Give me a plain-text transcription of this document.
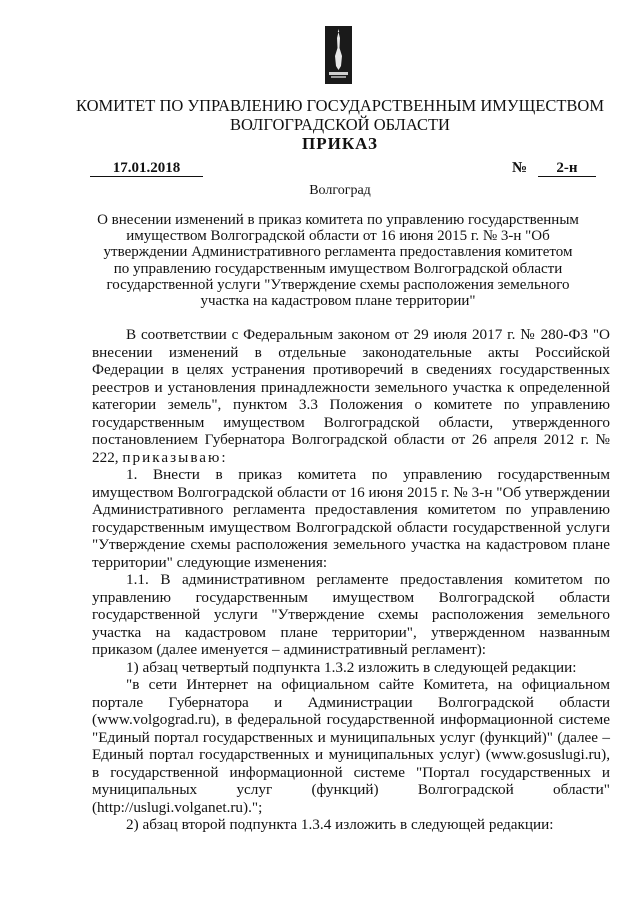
КОМИТЕТ ПО УПРАВЛЕНИЮ ГОСУДАРСТВЕННЫМ ИМУЩЕСТВОМ
ВОЛГОГРАДСКОЙ ОБЛАСТИ
ПРИКАЗ
17.01.2018	№	2-н
Волгоград
О внесении изменений в приказ комитета по управлению государственным имуществом Волгоградской области от 16 июня 2015 г. № 3-н "Об утверждении Административного регламента предоставления комитетом по управлению государственным имуществом Волгоградской области государственной услуги "Утверждение схемы расположения земельного участка на кадастровом плане территории"

В соответствии с Федеральным законом от 29 июля 2017 г. № 280-ФЗ "О внесении изменений в отдельные законодательные акты Российской Федерации в целях устранения противоречий в сведениях государственных реестров и установления принадлежности земельного участка к определенной категории земель", пунктом 3.3 Положения о комитете по управлению государственным имуществом Волгоградской области, утвержденного постановлением Губернатора Волгоградской области от 26 апреля 2012 г. № 222, приказываю:

1. Внести в приказ комитета по управлению государственным имуществом Волгоградской области от 16 июня 2015 г. № 3-н "Об утверждении Административного регламента предоставления комитетом по управлению государственным имуществом Волгоградской области государственной услуги "Утверждение схемы расположения земельного участка на кадастровом плане территории" следующие изменения:

1.1. В административном регламенте предоставления комитетом по управлению государственным имуществом Волгоградской области государственной услуги "Утверждение схемы расположения земельного участка на кадастровом плане территории", утвержденном названным приказом (далее именуется – административный регламент):

1) абзац четвертый подпункта 1.3.2 изложить в следующей редакции:

"в сети Интернет на официальном сайте Комитета, на официальном портале Губернатора и Администрации Волгоградской области (www.volgograd.ru), в федеральной государственной информационной системе "Единый портал государственных и муниципальных услуг (функций)" (далее – Единый портал государственных и муниципальных услуг) (www.gosuslugi.ru), в государственной информационной системе "Портал государственных и муниципальных услуг (функций) Волгоградской области" (http://uslugi.volganet.ru).";

2) абзац второй подпункта 1.3.4 изложить в следующей редакции:
